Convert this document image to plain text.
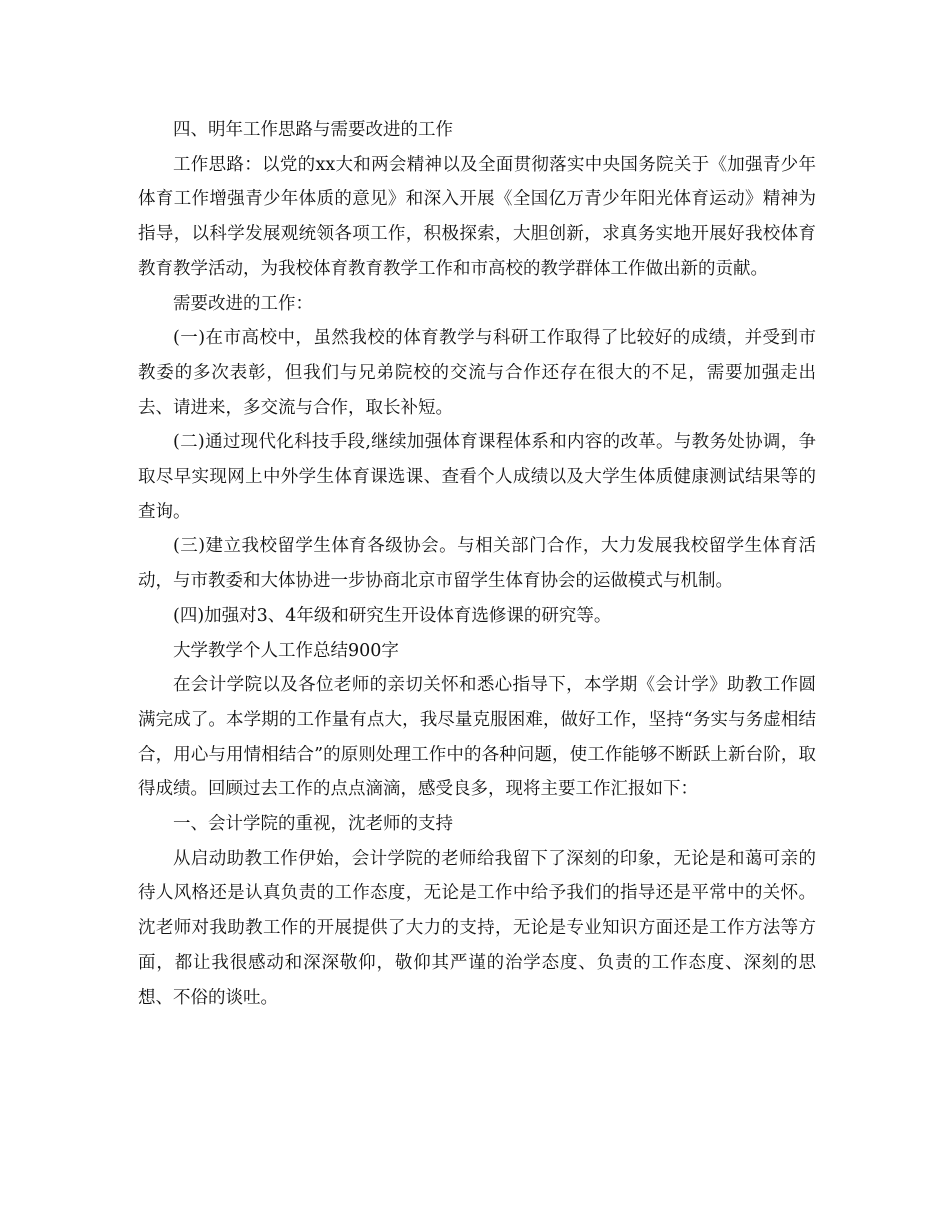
四、明年工作思路与需要改进的工作

工作思路：以党的xx大和两会精神以及全面贯彻落实中央国务院关于《加强青少年体育工作增强青少年体质的意见》和深入开展《全国亿万青少年阳光体育运动》精神为指导，以科学发展观统领各项工作，积极探索，大胆创新，求真务实地开展好我校体育教育教学活动，为我校体育教育教学工作和市高校的教学群体工作做出新的贡献。

需要改进的工作：

(一)在市高校中，虽然我校的体育教学与科研工作取得了比较好的成绩，并受到市教委的多次表彰，但我们与兄弟院校的交流与合作还存在很大的不足，需要加强走出去、请进来，多交流与合作，取长补短。

(二)通过现代化科技手段,继续加强体育课程体系和内容的改革。与教务处协调，争取尽早实现网上中外学生体育课选课、查看个人成绩以及大学生体质健康测试结果等的查询。

(三)建立我校留学生体育各级协会。与相关部门合作，大力发展我校留学生体育活动，与市教委和大体协进一步协商北京市留学生体育协会的运做模式与机制。

(四)加强对3、4年级和研究生开设体育选修课的研究等。

大学教学个人工作总结900字

在会计学院以及各位老师的亲切关怀和悉心指导下，本学期《会计学》助教工作圆满完成了。本学期的工作量有点大，我尽量克服困难，做好工作，坚持“务实与务虚相结合，用心与用情相结合”的原则处理工作中的各种问题，使工作能够不断跃上新台阶，取得成绩。回顾过去工作的点点滴滴，感受良多，现将主要工作汇报如下：

一、会计学院的重视，沈老师的支持

从启动助教工作伊始，会计学院的老师给我留下了深刻的印象，无论是和蔼可亲的待人风格还是认真负责的工作态度，无论是工作中给予我们的指导还是平常中的关怀。沈老师对我助教工作的开展提供了大力的支持，无论是专业知识方面还是工作方法等方面，都让我很感动和深深敬仰，敬仰其严谨的治学态度、负责的工作态度、深刻的思想、不俗的谈吐。
